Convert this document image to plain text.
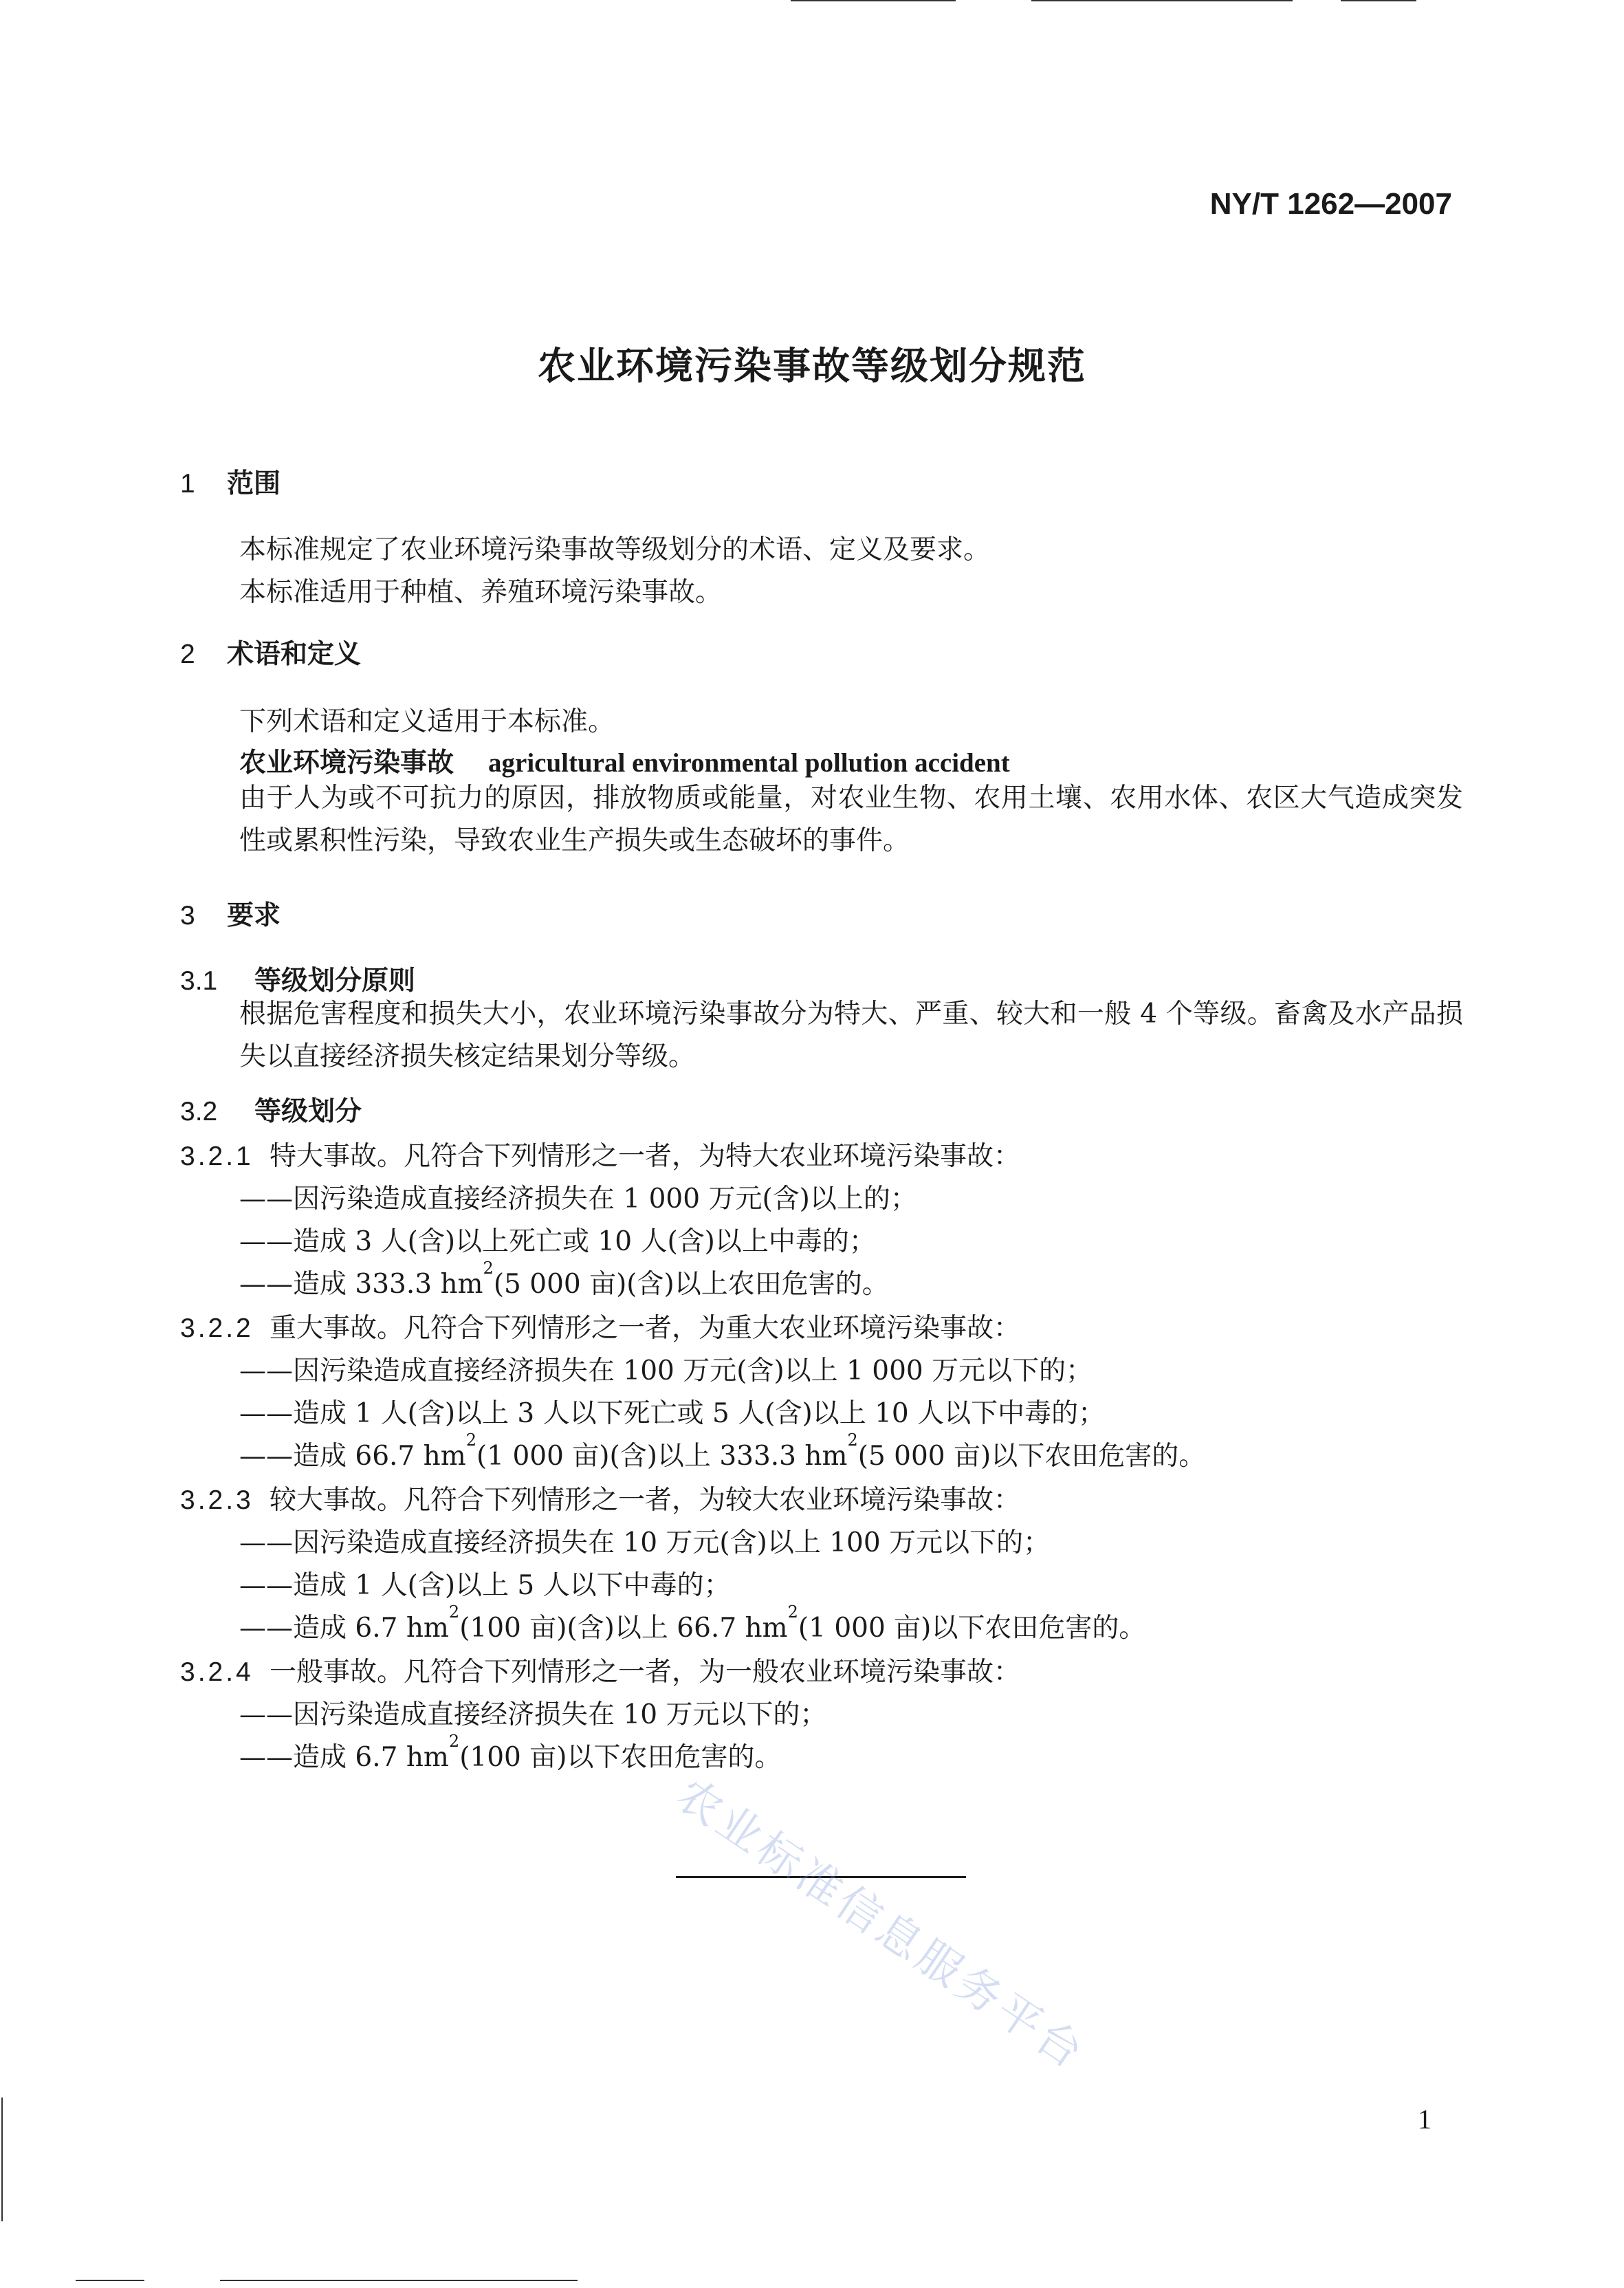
NY/T 1262—2007
农业环境污染事故等级划分规范
1 范围
本标准规定了农业环境污染事故等级划分的术语、定义及要求。
本标准适用于种植、养殖环境污染事故。
2 术语和定义
下列术语和定义适用于本标准。
农业环境污染事故 agricultural environmental pollution accident
由于人为或不可抗力的原因，排放物质或能量，对农业生物、农用土壤、农用水体、农区大气造成突发性或累积性污染，导致农业生产损失或生态破坏的事件。
3 要求
3.1 等级划分原则
根据危害程度和损失大小，农业环境污染事故分为特大、严重、较大和一般 4 个等级。畜禽及水产品损失以直接经济损失核定结果划分等级。
3.2 等级划分
3.2.1 特大事故。凡符合下列情形之一者，为特大农业环境污染事故：
——因污染造成直接经济损失在 1 000 万元(含)以上的；
——造成 3 人(含)以上死亡或 10 人(含)以上中毒的；
——造成 333.3 $hm^2(5$ 000 亩)(含)以上农田危害的。
3.2.2 重大事故。凡符合下列情形之一者，为重大农业环境污染事故：
——因污染造成直接经济损失在 100 万元(含)以上 1 000 万元以下的；
——造成 1 人(含)以上 3 人以下死亡或 5 人(含)以上 10 人以下中毒的；
——造成 66.7 $hm^2(1$ 000 亩)(含)以上 333.3 $hm^2(5$ 000 亩)以下农田危害的。
3.2.3 较大事故。凡符合下列情形之一者，为较大农业环境污染事故：
——因污染造成直接经济损失在 10 万元(含)以上 100 万元以下的；
——造成 1 人(含)以上 5 人以下中毒的；
——造成 6.7 $hm^2(100$ 亩)(含)以上 66.7 $hm^2(1$ 000 亩)以下农田危害的。
3.2.4 一般事故。凡符合下列情形之一者，为一般农业环境污染事故：
——因污染造成直接经济损失在 10 万元以下的；
——造成 6.7 $hm^2(100$ 亩)以下农田危害的。
农业标准信息服务平台
1
